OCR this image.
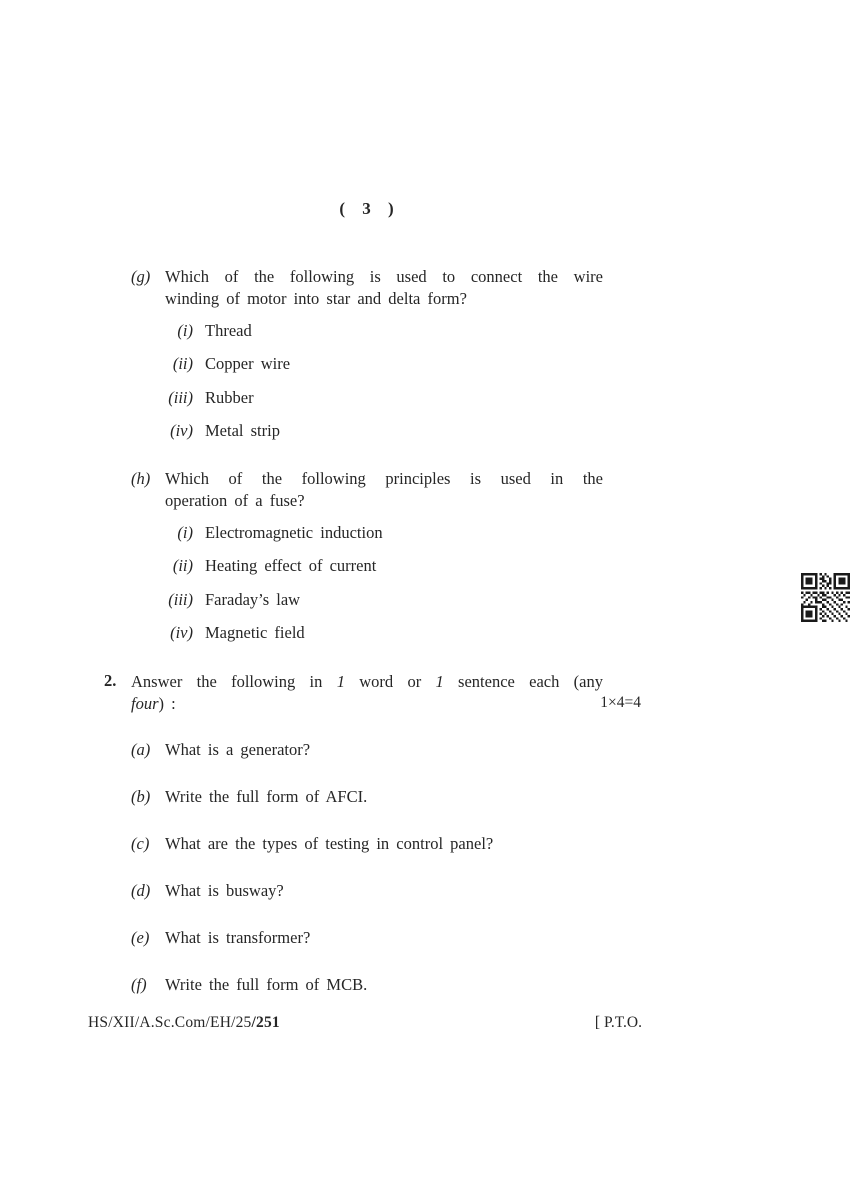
( 3 )
(g) Which of the following is used to connect the wire
winding of motor into star and delta form?
(i) Thread
(ii) Copper wire
(iii) Rubber
(iv) Metal strip
(h) Which of the following principles is used in the
operation of a fuse?
(i) Electromagnetic induction
(ii) Heating effect of current
(iii) Faraday’s law
(iv) Magnetic field
2. Answer the following in 1 word or 1 sentence each (any
four) :	1×4=4
(a) What is a generator?
(b) Write the full form of AFCI.
(c) What are the types of testing in control panel?
(d) What is busway?
(e) What is transformer?
(f) Write the full form of MCB.
HS/XII/A.Sc.Com/EH/25/251	[ P.T.O.
